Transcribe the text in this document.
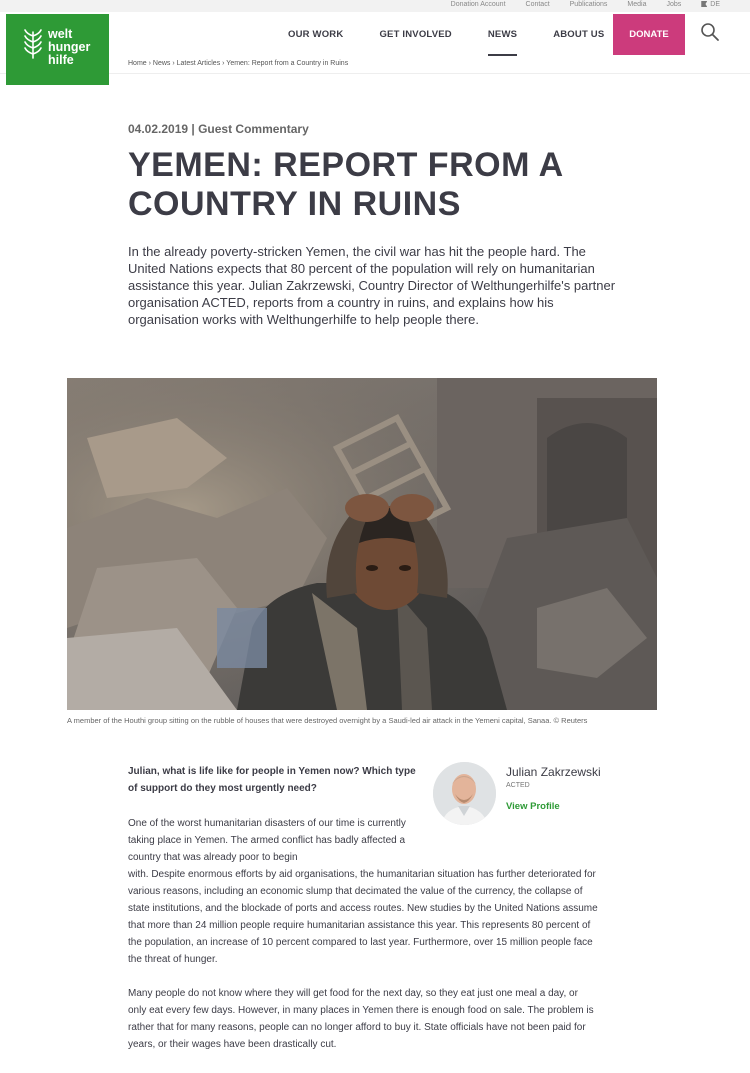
Donation Account	Contact	Publications	Media	Jobs	DE
OUR WORK	GET INVOLVED	NEWS	ABOUT US	DONATE
Home › News › Latest Articles › Yemen: Report from a Country in Ruins
welt
hunger
hilfe
04.02.2019 | Guest Commentary
YEMEN: REPORT FROM A COUNTRY IN RUINS

In the already poverty-stricken Yemen, the civil war has hit the people hard. The United Nations expects that 80 percent of the population will rely on humanitarian assistance this year. Julian Zakrzewski, Country Director of Welthungerhilfe's partner organisation ACTED, reports from a country in ruins, and explains how his organisation works with Welthungerhilfe to help people there.

A member of the Houthi group sitting on the rubble of houses that were destroyed overnight by a Saudi-led air attack in the Yemeni capital, Sanaa. © Reuters

Julian, what is life like for people in Yemen now? Which type of support do they most urgently need?

Julian Zakrzewski
ACTED
View Profile

One of the worst humanitarian disasters of our time is currently taking place in Yemen. The armed conflict has badly affected a country that was already poor to begin

with. Despite enormous efforts by aid organisations, the humanitarian situation has further deteriorated for various reasons, including an economic slump that decimated the value of the currency, the collapse of state institutions, and the blockade of ports and access routes. New studies by the United Nations assume that more than 24 million people require humanitarian assistance this year. This represents 80 percent of the population, an increase of 10 percent compared to last year. Furthermore, over 15 million people face the threat of hunger.

Many people do not know where they will get food for the next day, so they eat just one meal a day, or only eat every few days. However, in many places in Yemen there is enough food on sale. The problem is rather that for many reasons, people can no longer afford to buy it. State officials have not been paid for years, or their wages have been drastically cut.
